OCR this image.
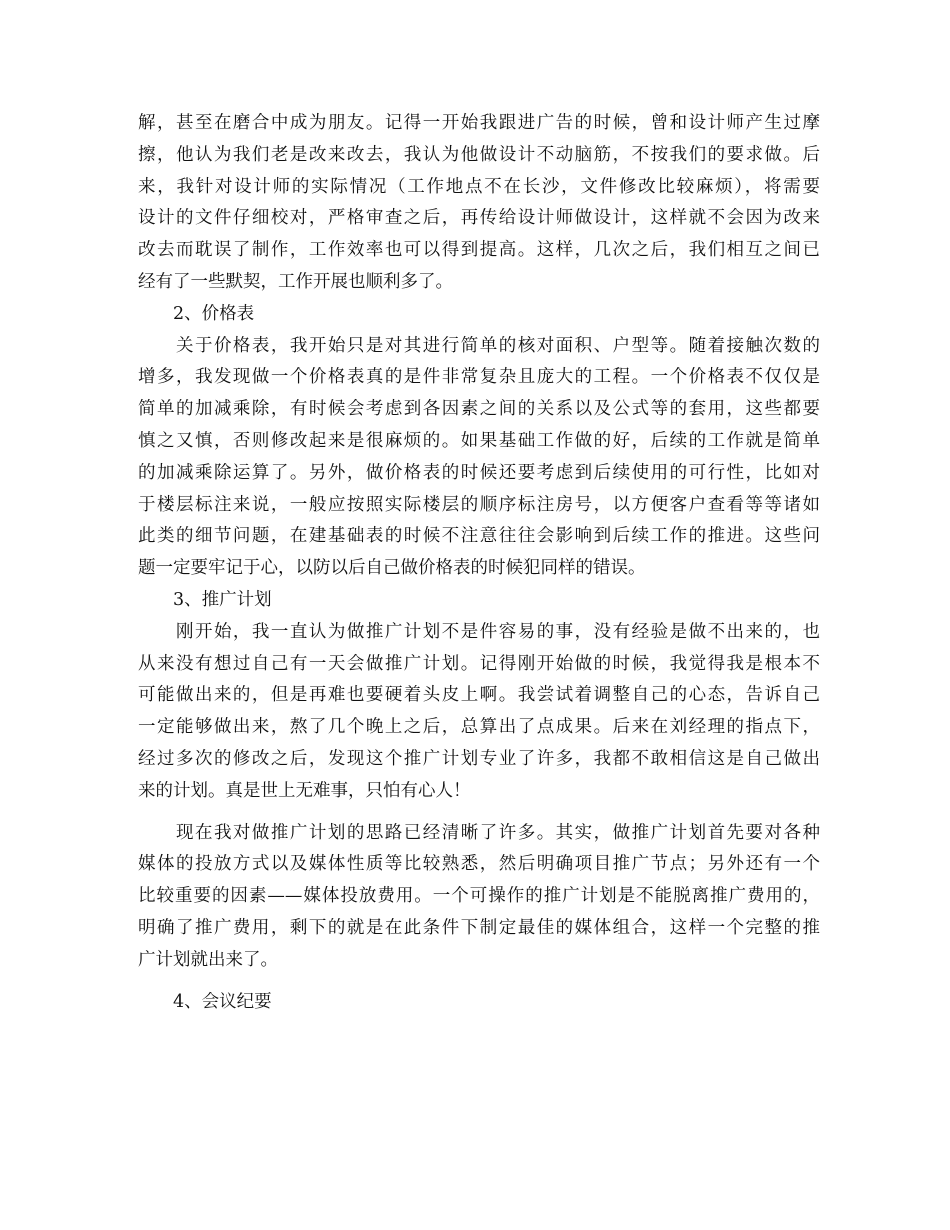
解，甚至在磨合中成为朋友。记得一开始我跟进广告的时候，曾和设计师产生过摩
擦，他认为我们老是改来改去，我认为他做设计不动脑筋，不按我们的要求做。后
来，我针对设计师的实际情况（工作地点不在长沙，文件修改比较麻烦），将需要
设计的文件仔细校对，严格审查之后，再传给设计师做设计，这样就不会因为改来
改去而耽误了制作，工作效率也可以得到提高。这样，几次之后，我们相互之间已
经有了一些默契，工作开展也顺利多了。
　　2、价格表
　　关于价格表，我开始只是对其进行简单的核对面积、户型等。随着接触次数的
增多，我发现做一个价格表真的是件非常复杂且庞大的工程。一个价格表不仅仅是
简单的加减乘除，有时候会考虑到各因素之间的关系以及公式等的套用，这些都要
慎之又慎，否则修改起来是很麻烦的。如果基础工作做的好，后续的工作就是简单
的加减乘除运算了。另外，做价格表的时候还要考虑到后续使用的可行性，比如对
于楼层标注来说，一般应按照实际楼层的顺序标注房号，以方便客户查看等等诸如
此类的细节问题，在建基础表的时候不注意往往会影响到后续工作的推进。这些问
题一定要牢记于心，以防以后自己做价格表的时候犯同样的错误。
　　3、推广计划
　　刚开始，我一直认为做推广计划不是件容易的事，没有经验是做不出来的，也
从来没有想过自己有一天会做推广计划。记得刚开始做的时候，我觉得我是根本不
可能做出来的，但是再难也要硬着头皮上啊。我尝试着调整自己的心态，告诉自己
一定能够做出来，熬了几个晚上之后，总算出了点成果。后来在刘经理的指点下，
经过多次的修改之后，发现这个推广计划专业了许多，我都不敢相信这是自己做出
来的计划。真是世上无难事，只怕有心人！
　　现在我对做推广计划的思路已经清晰了许多。其实，做推广计划首先要对各种
媒体的投放方式以及媒体性质等比较熟悉，然后明确项目推广节点；另外还有一个
比较重要的因素——媒体投放费用。一个可操作的推广计划是不能脱离推广费用的，
明确了推广费用，剩下的就是在此条件下制定最佳的媒体组合，这样一个完整的推
广计划就出来了。
　　4、会议纪要
